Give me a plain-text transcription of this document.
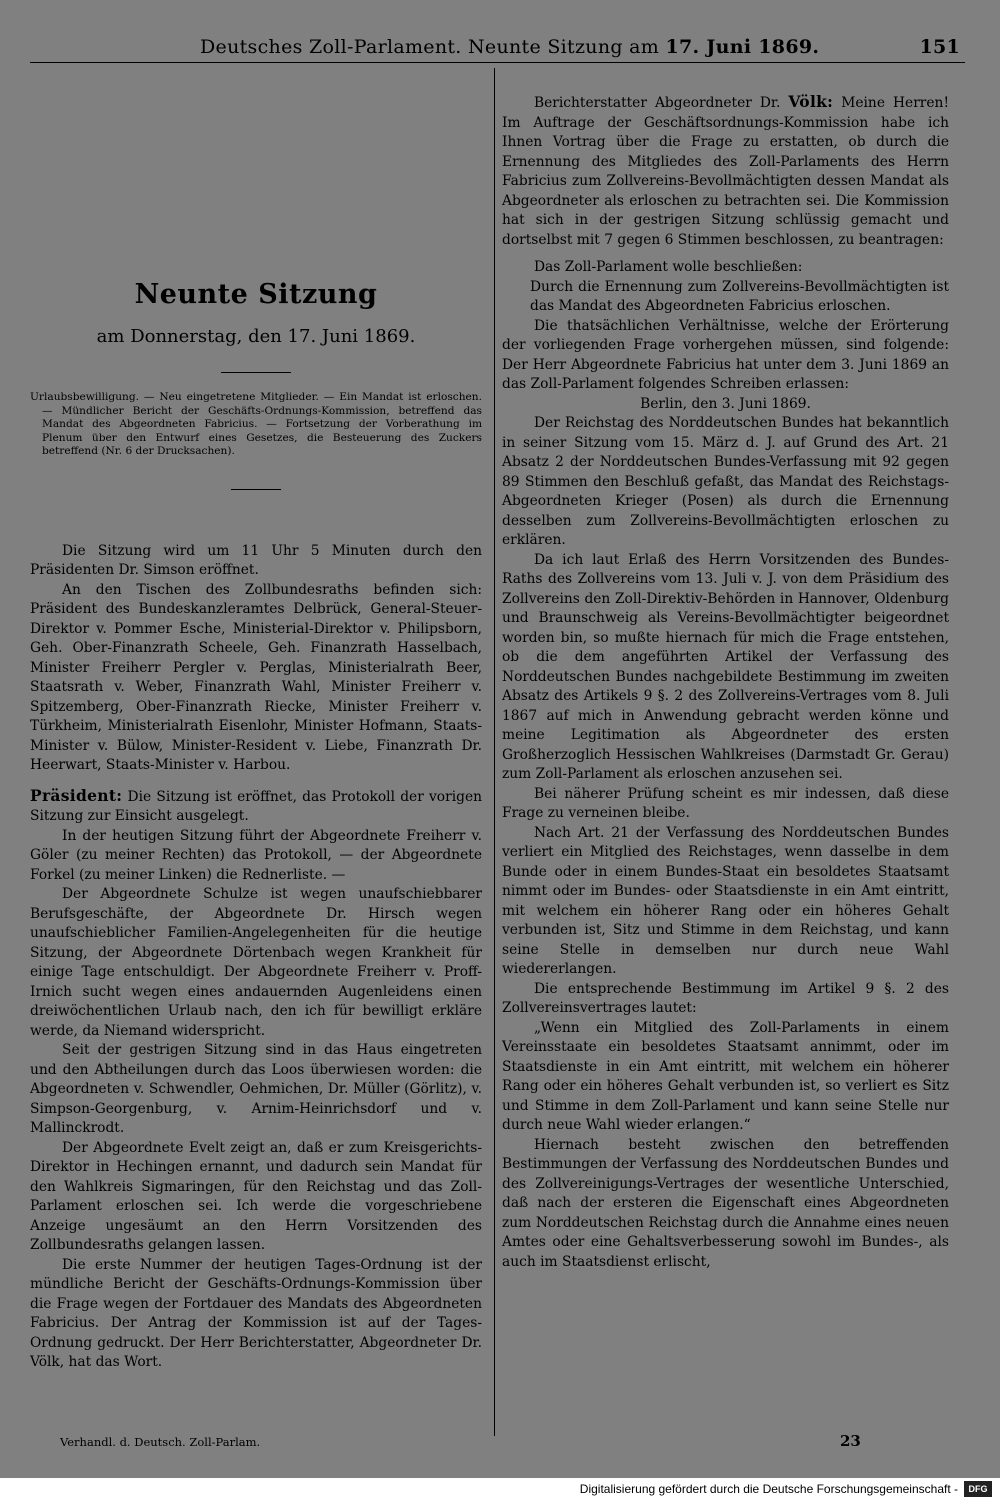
Deutsches Zoll-Parlament. Neunte Sitzung am 17. Juni 1869.	151
Neunte Sitzung
am Donnerstag, den 17. Juni 1869.
Urlaubsbewilligung. — Neu eingetretene Mitglieder. — Ein Mandat ist erloschen. — Mündlicher Bericht der Geschäfts-Ordnungs-Kommission, betreffend das Mandat des Abgeordneten Fabricius. — Fortsetzung der Vorberathung im Plenum über den Entwurf eines Gesetzes, die Besteuerung des Zuckers betreffend (Nr. 6 der Drucksachen).

Die Sitzung wird um 11 Uhr 5 Minuten durch den Präsidenten Dr. Simson eröffnet.

An den Tischen des Zollbundesraths befinden sich: Präsident des Bundeskanzleramtes Delbrück, General-Steuer-Direktor v. Pommer Esche, Ministerial-Direktor v. Philipsborn, Geh. Ober-Finanzrath Scheele, Geh. Finanzrath Hasselbach, Minister Freiherr Pergler v. Perglas, Ministerialrath Beer, Staatsrath v. Weber, Finanzrath Wahl, Minister Freiherr v. Spitzemberg, Ober-Finanzrath Riecke, Minister Freiherr v. Türkheim, Ministerialrath Eisenlohr, Minister Hofmann, Staats-Minister v. Bülow, Minister-Resident v. Liebe, Finanzrath Dr. Heerwart, Staats-Minister v. Harbou.

Präsident: Die Sitzung ist eröffnet, das Protokoll der vorigen Sitzung zur Einsicht ausgelegt.

In der heutigen Sitzung führt der Abgeordnete Freiherr v. Göler (zu meiner Rechten) das Protokoll, — der Abgeordnete Forkel (zu meiner Linken) die Rednerliste. —

Der Abgeordnete Schulze ist wegen unaufschiebbarer Berufsgeschäfte, der Abgeordnete Dr. Hirsch wegen unaufschieblicher Familien-Angelegenheiten für die heutige Sitzung, der Abgeordnete Dörtenbach wegen Krankheit für einige Tage entschuldigt. Der Abgeordnete Freiherr v. Proff-Irnich sucht wegen eines andauernden Augenleidens einen dreiwöchentlichen Urlaub nach, den ich für bewilligt erkläre werde, da Niemand widerspricht.

Seit der gestrigen Sitzung sind in das Haus eingetreten und den Abtheilungen durch das Loos überwiesen worden: die Abgeordneten v. Schwendler, Oehmichen, Dr. Müller (Görlitz), v. Simpson-Georgenburg, v. Arnim-Heinrichsdorf und v. Mallinckrodt.

Der Abgeordnete Evelt zeigt an, daß er zum Kreisgerichts-Direktor in Hechingen ernannt, und dadurch sein Mandat für den Wahlkreis Sigmaringen, für den Reichstag und das Zoll-Parlament erloschen sei. Ich werde die vorgeschriebene Anzeige ungesäumt an den Herrn Vorsitzenden des Zollbundesraths gelangen lassen.

Die erste Nummer der heutigen Tages-Ordnung ist der mündliche Bericht der Geschäfts-Ordnungs-Kommission über die Frage wegen der Fortdauer des Mandats des Abgeordneten Fabricius. Der Antrag der Kommission ist auf der Tages-Ordnung gedruckt. Der Herr Berichterstatter, Abgeordneter Dr. Völk, hat das Wort.

Berichterstatter Abgeordneter Dr. Völk: Meine Herren! Im Auftrage der Geschäftsordnungs-Kommission habe ich Ihnen Vortrag über die Frage zu erstatten, ob durch die Ernennung des Mitgliedes des Zoll-Parlaments des Herrn Fabricius zum Zollvereins-Bevollmächtigten dessen Mandat als Abgeordneter als erloschen zu betrachten sei. Die Kommission hat sich in der gestrigen Sitzung schlüssig gemacht und dortselbst mit 7 gegen 6 Stimmen beschlossen, zu beantragen:

Das Zoll-Parlament wolle beschließen:

Durch die Ernennung zum Zollvereins-Bevollmächtigten ist das Mandat des Abgeordneten Fabricius erloschen.

Die thatsächlichen Verhältnisse, welche der Erörterung der vorliegenden Frage vorhergehen müssen, sind folgende: Der Herr Abgeordnete Fabricius hat unter dem 3. Juni 1869 an das Zoll-Parlament folgendes Schreiben erlassen:

Berlin, den 3. Juni 1869.

Der Reichstag des Norddeutschen Bundes hat bekanntlich in seiner Sitzung vom 15. März d. J. auf Grund des Art. 21 Absatz 2 der Norddeutschen Bundes-Verfassung mit 92 gegen 89 Stimmen den Beschluß gefaßt, das Mandat des Reichstags-Abgeordneten Krieger (Posen) als durch die Ernennung desselben zum Zollvereins-Bevollmächtigten erloschen zu erklären.

Da ich laut Erlaß des Herrn Vorsitzenden des Bundes-Raths des Zollvereins vom 13. Juli v. J. von dem Präsidium des Zollvereins den Zoll-Direktiv-Behörden in Hannover, Oldenburg und Braunschweig als Vereins-Bevollmächtigter beigeordnet worden bin, so mußte hiernach für mich die Frage entstehen, ob die dem angeführten Artikel der Verfassung des Norddeutschen Bundes nachgebildete Bestimmung im zweiten Absatz des Artikels 9 §. 2 des Zollvereins-Vertrages vom 8. Juli 1867 auf mich in Anwendung gebracht werden könne und meine Legitimation als Abgeordneter des ersten Großherzoglich Hessischen Wahlkreises (Darmstadt Gr. Gerau) zum Zoll-Parlament als erloschen anzusehen sei.

Bei näherer Prüfung scheint es mir indessen, daß diese Frage zu verneinen bleibe.

Nach Art. 21 der Verfassung des Norddeutschen Bundes verliert ein Mitglied des Reichstages, wenn dasselbe in dem Bunde oder in einem Bundes-Staat ein besoldetes Staatsamt nimmt oder im Bundes- oder Staatsdienste in ein Amt eintritt, mit welchem ein höherer Rang oder ein höheres Gehalt verbunden ist, Sitz und Stimme in dem Reichstag, und kann seine Stelle in demselben nur durch neue Wahl wiedererlangen.

Die entsprechende Bestimmung im Artikel 9 §. 2 des Zollvereinsvertrages lautet:

„Wenn ein Mitglied des Zoll-Parlaments in einem Vereinsstaate ein besoldetes Staatsamt annimmt, oder im Staatsdienste in ein Amt eintritt, mit welchem ein höherer Rang oder ein höheres Gehalt verbunden ist, so verliert es Sitz und Stimme in dem Zoll-Parlament und kann seine Stelle nur durch neue Wahl wieder erlangen.“

Hiernach besteht zwischen den betreffenden Bestimmungen der Verfassung des Norddeutschen Bundes und des Zollvereinigungs-Vertrages der wesentliche Unterschied, daß nach der ersteren die Eigenschaft eines Abgeordneten zum Norddeutschen Reichstag durch die Annahme eines neuen Amtes oder eine Gehaltsverbesserung sowohl im Bundes-, als auch im Staatsdienst erlischt,

Verhandl. d. Deutsch. Zoll-Parlam.	23
Digitalisierung gefördert durch die Deutsche Forschungsgemeinschaft -	DFG
